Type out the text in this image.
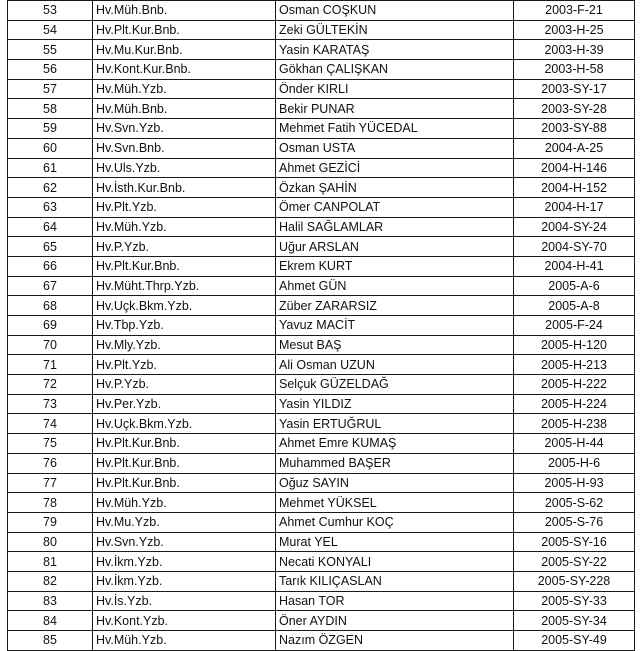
53	Hv.Müh.Bnb.	Osman COŞKUN	2003-F-21
54	Hv.Plt.Kur.Bnb.	Zeki GÜLTEKİN	2003-H-25
55	Hv.Mu.Kur.Bnb.	Yasin KARATAŞ	2003-H-39
56	Hv.Kont.Kur.Bnb.	Gökhan ÇALIŞKAN	2003-H-58
57	Hv.Müh.Yzb.	Önder KIRLI	2003-SY-17
58	Hv.Müh.Bnb.	Bekir PUNAR	2003-SY-28
59	Hv.Svn.Yzb.	Mehmet Fatih YÜCEDAL	2003-SY-88
60	Hv.Svn.Bnb.	Osman USTA	2004-A-25
61	Hv.Uls.Yzb.	Ahmet GEZİCİ	2004-H-146
62	Hv.İsth.Kur.Bnb.	Özkan ŞAHİN	2004-H-152
63	Hv.Plt.Yzb.	Ömer CANPOLAT	2004-H-17
64	Hv.Müh.Yzb.	Halil SAĞLAMLAR	2004-SY-24
65	Hv.P.Yzb.	Uğur ARSLAN	2004-SY-70
66	Hv.Plt.Kur.Bnb.	Ekrem KURT	2004-H-41
67	Hv.Müht.Thrp.Yzb.	Ahmet GÜN	2005-A-6
68	Hv.Uçk.Bkm.Yzb.	Züber ZARARSIZ	2005-A-8
69	Hv.Tbp.Yzb.	Yavuz MACİT	2005-F-24
70	Hv.Mly.Yzb.	Mesut BAŞ	2005-H-120
71	Hv.Plt.Yzb.	Ali Osman UZUN	2005-H-213
72	Hv.P.Yzb.	Selçuk GÜZELDAĞ	2005-H-222
73	Hv.Per.Yzb.	Yasin YILDIZ	2005-H-224
74	Hv.Uçk.Bkm.Yzb.	Yasin ERTUĞRUL	2005-H-238
75	Hv.Plt.Kur.Bnb.	Ahmet Emre KUMAŞ	2005-H-44
76	Hv.Plt.Kur.Bnb.	Muhammed BAŞER	2005-H-6
77	Hv.Plt.Kur.Bnb.	Oğuz SAYIN	2005-H-93
78	Hv.Müh.Yzb.	Mehmet YÜKSEL	2005-S-62
79	Hv.Mu.Yzb.	Ahmet Cumhur KOÇ	2005-S-76
80	Hv.Svn.Yzb.	Murat YEL	2005-SY-16
81	Hv.İkm.Yzb.	Necati KONYALI	2005-SY-22
82	Hv.İkm.Yzb.	Tarık KILIÇASLAN	2005-SY-228
83	Hv.İs.Yzb.	Hasan TOR	2005-SY-33
84	Hv.Kont.Yzb.	Öner AYDIN	2005-SY-34
85	Hv.Müh.Yzb.	Nazım ÖZGEN	2005-SY-49
